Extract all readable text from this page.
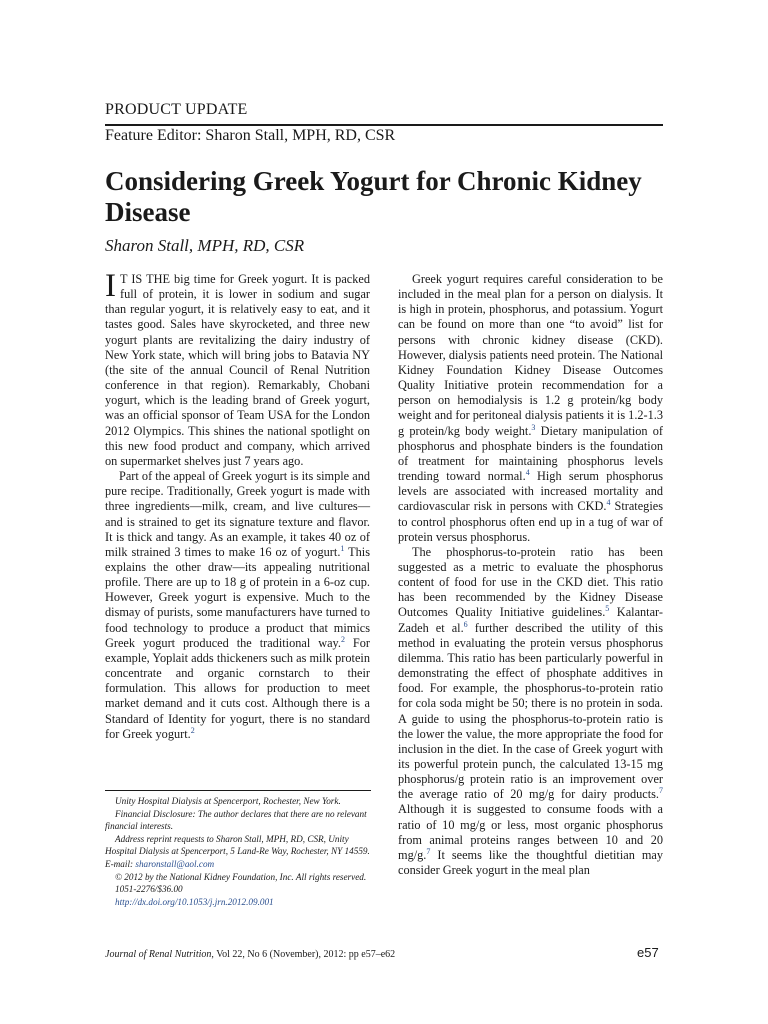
PRODUCT UPDATE
Feature Editor: Sharon Stall, MPH, RD, CSR
Considering Greek Yogurt for Chronic Kidney Disease
Sharon Stall, MPH, RD, CSR

I T IS THE big time for Greek yogurt. It is packed full of protein, it is lower in sodium and sugar than regular yogurt, it is relatively easy to eat, and it tastes good. Sales have skyrocketed, and three new yogurt plants are revitalizing the dairy industry of New York state, which will bring jobs to Batavia NY (the site of the annual Council of Renal Nutrition conference in that region). Remarkably, Chobani yogurt, which is the leading brand of Greek yogurt, was an official sponsor of Team USA for the London 2012 Olympics. This shines the national spotlight on this new food product and company, which arrived on supermarket shelves just 7 years ago.

Part of the appeal of Greek yogurt is its simple and pure recipe. Traditionally, Greek yogurt is made with three ingredients—milk, cream, and live cultures—and is strained to get its signature texture and flavor. It is thick and tangy. As an example, it takes 40 oz of milk strained 3 times to make 16 oz of yogurt.$^1$ This explains the other draw—its appealing nutritional profile. There are up to 18 g of protein in a 6-oz cup. However, Greek yogurt is expensive. Much to the dismay of purists, some manufacturers have turned to food technology to produce a product that mimics Greek yogurt produced the traditional way.$^2$ For example, Yoplait adds thickeners such as milk protein concentrate and organic cornstarch to their formulation. This allows for production to meet market demand and it cuts cost. Although there is a Standard of Identity for yogurt, there is no standard for Greek yogurt.$^2$

Greek yogurt requires careful consideration to be included in the meal plan for a person on dialysis. It is high in protein, phosphorus, and potassium. Yogurt can be found on more than one “to avoid” list for persons with chronic kidney disease (CKD). However, dialysis patients need protein. The National Kidney Foundation Kidney Disease Outcomes Quality Initiative protein recommendation for a person on hemodialysis is 1.2 g protein/kg body weight and for peritoneal dialysis patients it is 1.2-1.3 g protein/kg body weight.$^3$ Dietary manipulation of phosphorus and phosphate binders is the foundation of treatment for maintaining phosphorus levels trending toward normal.$^4$ High serum phosphorus levels are associated with increased mortality and cardiovascular risk in persons with CKD.$^4$ Strategies to control phosphorus often end up in a tug of war of protein versus phosphorus.

The phosphorus-to-protein ratio has been suggested as a metric to evaluate the phosphorus content of food for use in the CKD diet. This ratio has been recommended by the Kidney Disease Outcomes Quality Initiative guidelines.$^5$ Kalantar-Zadeh et al.$^6$ further described the utility of this method in evaluating the protein versus phosphorus dilemma. This ratio has been particularly powerful in demonstrating the effect of phosphate additives in food. For example, the phosphorus-to-protein ratio for cola soda might be 50; there is no protein in soda. A guide to using the phosphorus-to-protein ratio is the lower the value, the more appropriate the food for inclusion in the diet. In the case of Greek yogurt with its powerful protein punch, the calculated 13-15 mg phosphorus/g protein ratio is an improvement over the average ratio of 20 mg/g for dairy products.$^7$ Although it is suggested to consume foods with a ratio of 10 mg/g or less, most organic phosphorus from animal proteins ranges between 10 and 20 mg/g.$^7$ It seems like the thoughtful dietitian may consider Greek yogurt in the meal plan

Unity Hospital Dialysis at Spencerport, Rochester, New York.

Financial Disclosure: The author declares that there are no relevant financial interests.

Address reprint requests to Sharon Stall, MPH, RD, CSR, Unity Hospital Dialysis at Spencerport, 5 Land-Re Way, Rochester, NY 14559. E-mail: sharonstall@aol.com

© 2012 by the National Kidney Foundation, Inc. All rights reserved.

1051-2276/$36.00

http://dx.doi.org/10.1053/j.jrn.2012.09.001

Journal of Renal Nutrition, Vol 22, No 6 (November), 2012: pp e57–e62	e57
